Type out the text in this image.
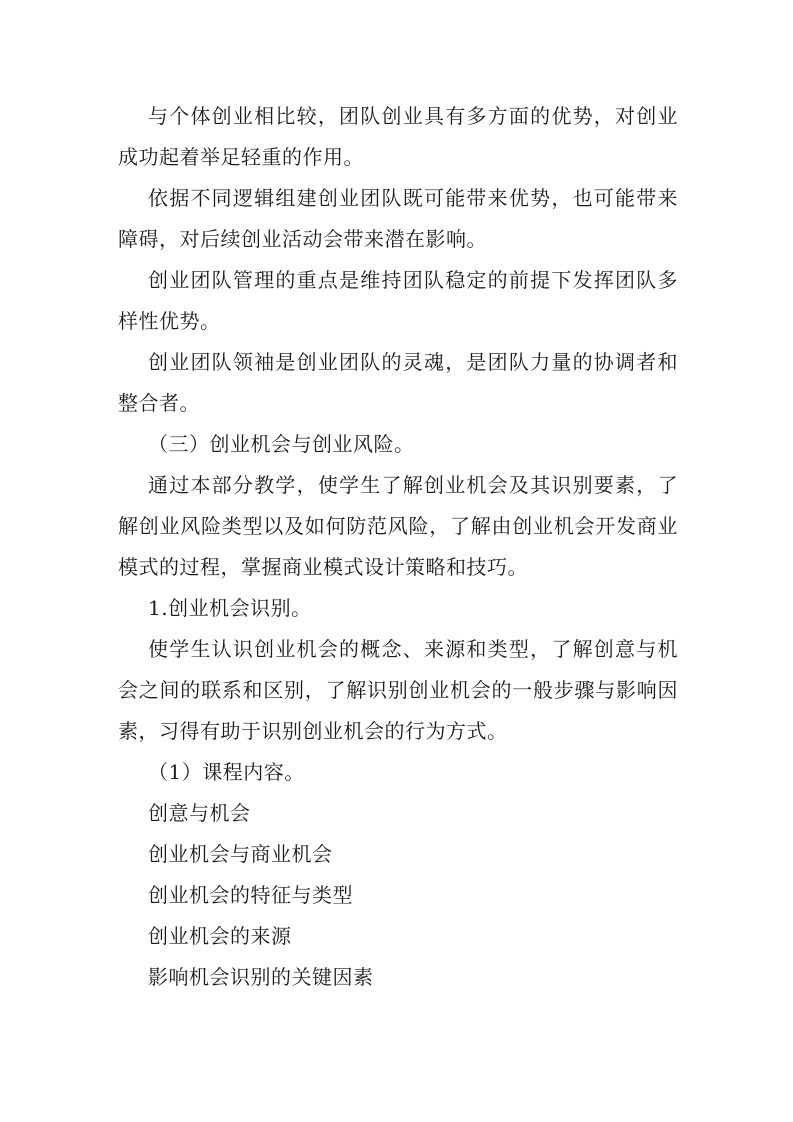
与个体创业相比较，团队创业具有多方面的优势，对创业成功起着举足轻重的作用。

依据不同逻辑组建创业团队既可能带来优势，也可能带来障碍，对后续创业活动会带来潜在影响。

创业团队管理的重点是维持团队稳定的前提下发挥团队多样性优势。

创业团队领袖是创业团队的灵魂，是团队力量的协调者和整合者。

（三）创业机会与创业风险。

通过本部分教学，使学生了解创业机会及其识别要素，了解创业风险类型以及如何防范风险，了解由创业机会开发商业模式的过程，掌握商业模式设计策略和技巧。

1.创业机会识别。

使学生认识创业机会的概念、来源和类型，了解创意与机会之间的联系和区别，了解识别创业机会的一般步骤与影响因素，习得有助于识别创业机会的行为方式。

（1）课程内容。

创意与机会

创业机会与商业机会

创业机会的特征与类型

创业机会的来源

影响机会识别的关键因素
